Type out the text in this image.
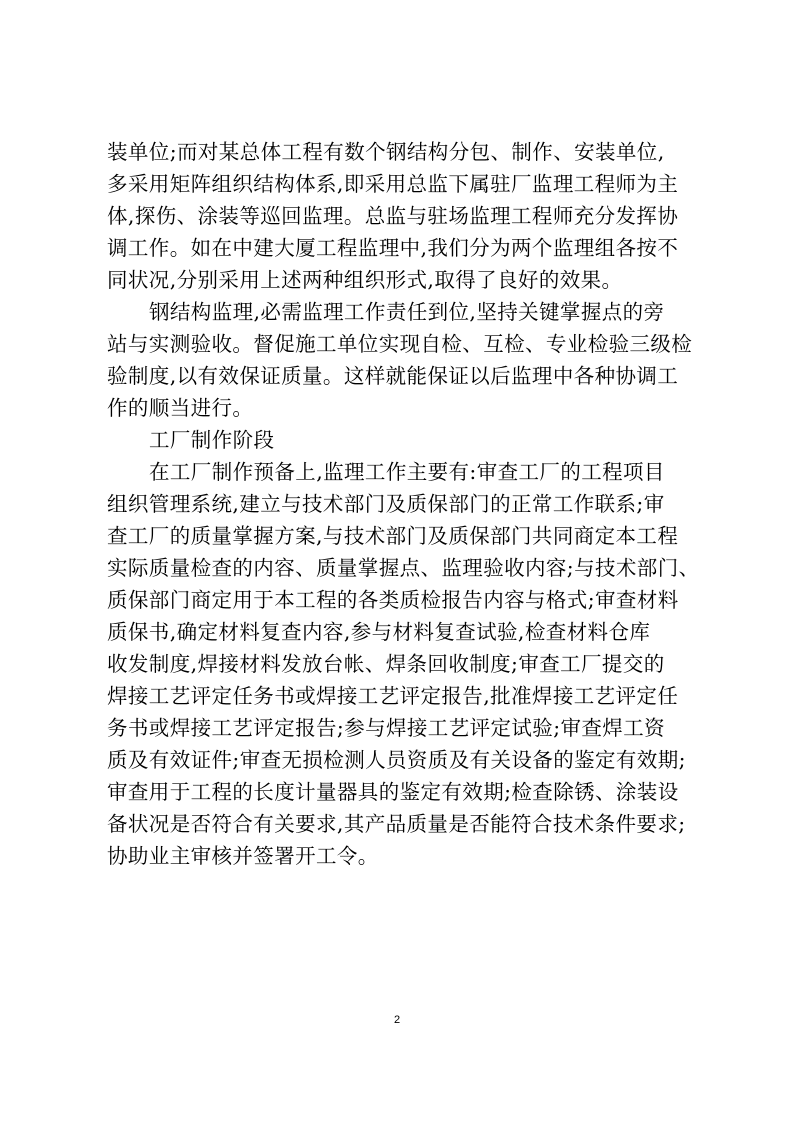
装单位;而对某总体工程有数个钢结构分包、制作、安装单位,
多采用矩阵组织结构体系,即采用总监下属驻厂监理工程师为主
体,探伤、涂装等巡回监理。总监与驻场监理工程师充分发挥协
调工作。如在中建大厦工程监理中,我们分为两个监理组各按不
同状况,分别采用上述两种组织形式,取得了良好的效果。
钢结构监理,必需监理工作责任到位,坚持关键掌握点的旁
站与实测验收。督促施工单位实现自检、互检、专业检验三级检
验制度,以有效保证质量。这样就能保证以后监理中各种协调工
作的顺当进行。
工厂制作阶段
在工厂制作预备上,监理工作主要有:审查工厂的工程项目
组织管理系统,建立与技术部门及质保部门的正常工作联系;审
查工厂的质量掌握方案,与技术部门及质保部门共同商定本工程
实际质量检查的内容、质量掌握点、监理验收内容;与技术部门、
质保部门商定用于本工程的各类质检报告内容与格式;审查材料
质保书,确定材料复查内容,参与材料复查试验,检查材料仓库
收发制度,焊接材料发放台帐、焊条回收制度;审查工厂提交的
焊接工艺评定任务书或焊接工艺评定报告,批准焊接工艺评定任
务书或焊接工艺评定报告;参与焊接工艺评定试验;审查焊工资
质及有效证件;审查无损检测人员资质及有关设备的鉴定有效期;
审查用于工程的长度计量器具的鉴定有效期;检查除锈、涂装设
备状况是否符合有关要求,其产品质量是否能符合技术条件要求;
协助业主审核并签署开工令。
2
